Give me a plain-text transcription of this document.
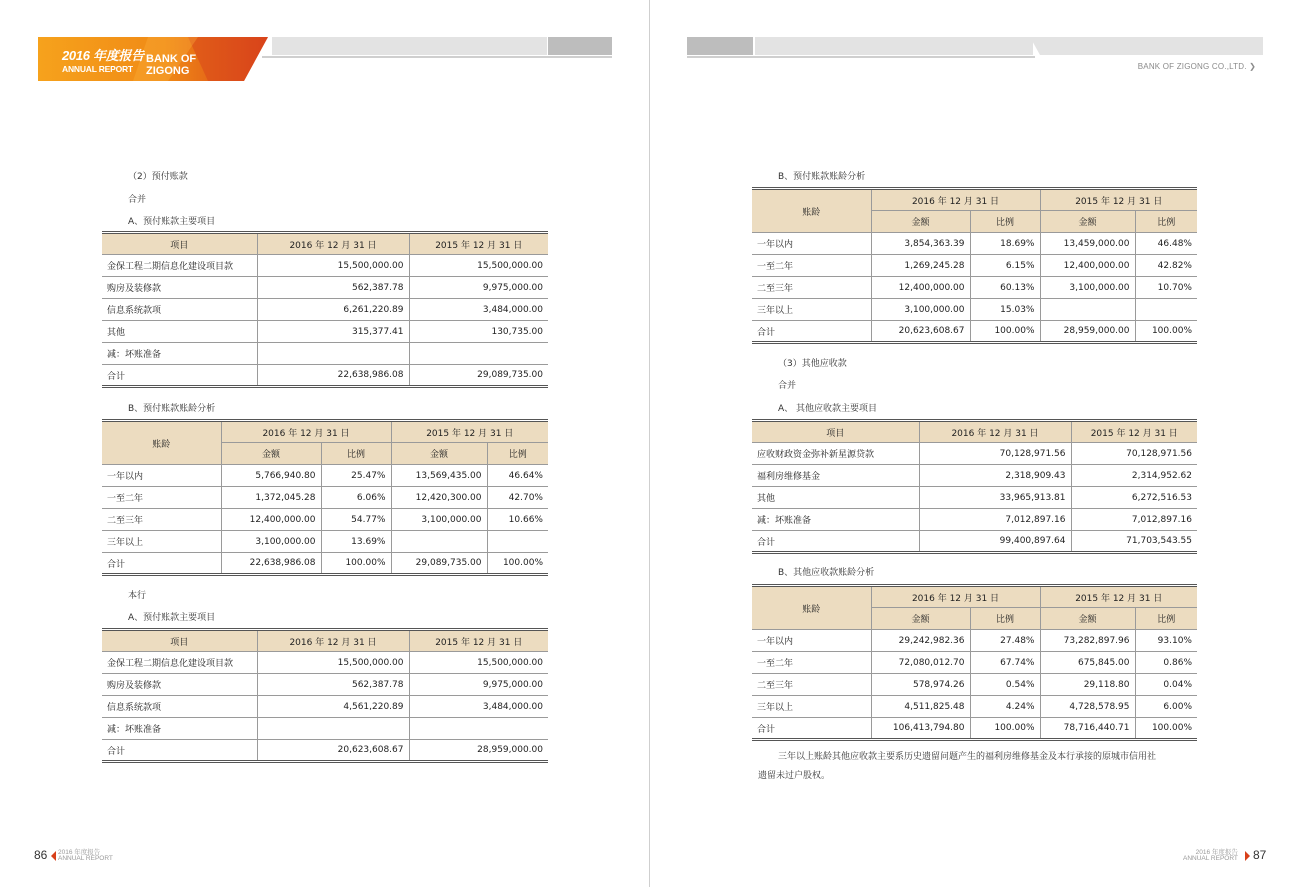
2016 年度报告
ANNUAL REPORT
BANK OF
ZIGONG
（2）预付账款
合并
A、预付账款主要项目
项目	2016 年 12 月 31 日	2015 年 12 月 31 日
金保工程二期信息化建设项目款	15,500,000.00	15,500,000.00
购房及装修款	562,387.78	9,975,000.00
信息系统款项	6,261,220.89	3,484,000.00
其他	315,377.41	130,735.00
减：坏账准备		
合计	22,638,986.08	29,089,735.00
B、预付账款账龄分析
账龄	2016 年 12 月 31 日		2015 年 12 月 31 日	
	金额	比例	金额	比例
一年以内	5,766,940.80	25.47%	13,569,435.00	46.64%
一至二年	1,372,045.28	6.06%	12,420,300.00	42.70%
二至三年	12,400,000.00	54.77%	3,100,000.00	10.66%
三年以上	3,100,000.00	13.69%		
合计	22,638,986.08	100.00%	29,089,735.00	100.00%
本行
A、预付账款主要项目
项目	2016 年 12 月 31 日	2015 年 12 月 31 日
金保工程二期信息化建设项目款	15,500,000.00	15,500,000.00
购房及装修款	562,387.78	9,975,000.00
信息系统款项	4,561,220.89	3,484,000.00
减：坏账准备		
合计	20,623,608.67	28,959,000.00
86 2016 年度报告
ANNUAL REPORT
BANK OF ZIGONG CO.,LTD. ❯
B、预付账款账龄分析
账龄	2016 年 12 月 31 日		2015 年 12 月 31 日	
	金额	比例	金额	比例
一年以内	3,854,363.39	18.69%	13,459,000.00	46.48%
一至二年	1,269,245.28	6.15%	12,400,000.00	42.82%
二至三年	12,400,000.00	60.13%	3,100,000.00	10.70%
三年以上	3,100,000.00	15.03%		
合计	20,623,608.67	100.00%	28,959,000.00	100.00%
（3）其他应收款
合并
A、 其他应收款主要项目
项目	2016 年 12 月 31 日	2015 年 12 月 31 日
应收财政资金弥补新星源贷款	70,128,971.56	70,128,971.56
福利房维修基金	2,318,909.43	2,314,952.62
其他	33,965,913.81	6,272,516.53
减：坏账准备	7,012,897.16	7,012,897.16
合计	99,400,897.64	71,703,543.55
B、其他应收款账龄分析
账龄	2016 年 12 月 31 日		2015 年 12 月 31 日	
	金额	比例	金额	比例
一年以内	29,242,982.36	27.48%	73,282,897.96	93.10%
一至二年	72,080,012.70	67.74%	675,845.00	0.86%
二至三年	578,974.26	0.54%	29,118.80	0.04%
三年以上	4,511,825.48	4.24%	4,728,578.95	6.00%
合计	106,413,794.80	100.00%	78,716,440.71	100.00%
三年以上账龄其他应收款主要系历史遗留问题产生的福利房维修基金及本行承接的原城市信用社
遗留未过户股权。
2016 年度报告
ANNUAL REPORT 87
